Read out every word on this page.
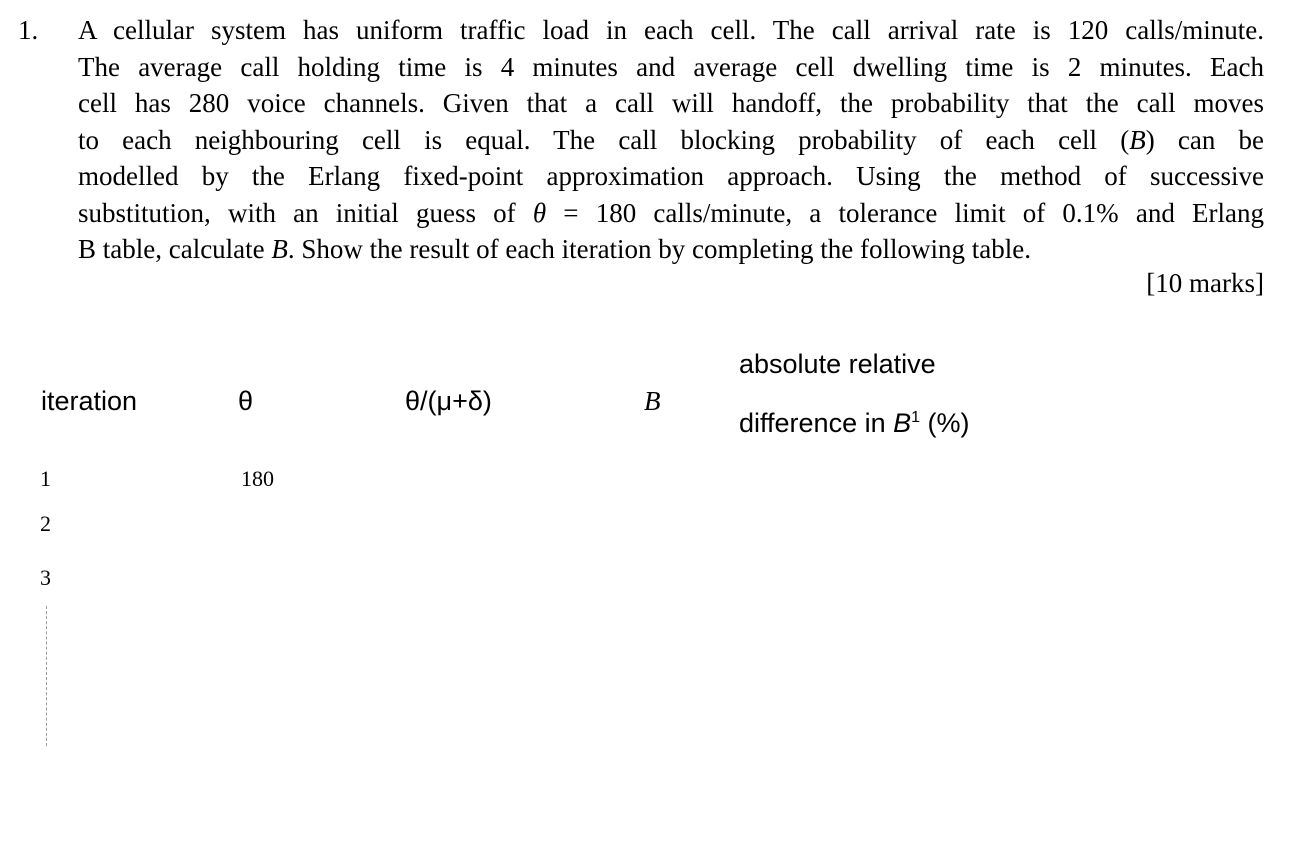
1. A cellular system has uniform traffic load in each cell. The call arrival rate is 120 calls/minute.
The average call holding time is 4 minutes and average cell dwelling time is 2 minutes. Each
cell has 280 voice channels. Given that a call will handoff, the probability that the call moves
to each neighbouring cell is equal. The call blocking probability of each cell (B) can be
modelled by the Erlang fixed-point approximation approach. Using the method of successive
substitution, with an initial guess of θ = 180 calls/minute, a tolerance limit of 0.1% and Erlang
B table, calculate B. Show the result of each iteration by completing the following table.
[10 marks]
iteration	θ	θ/(μ+δ)	B
absolute relative
difference in $B^1$ (%)
1	180
2
3
